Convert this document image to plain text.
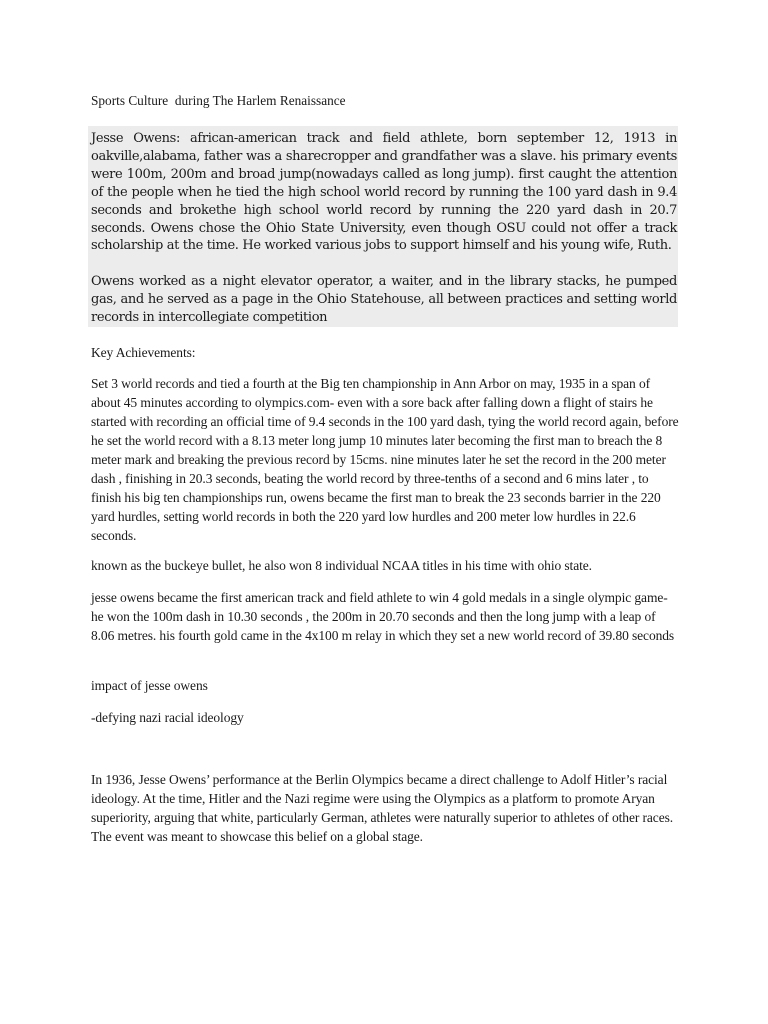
Sports Culture  during The Harlem Renaissance

Jesse Owens: african-american track and field athlete, born september 12, 1913 in oakville,alabama, father was a sharecropper and grandfather was a slave. his primary events were 100m, 200m and broad jump(nowadays called as long jump). first caught the attention of the people when he tied the high school world record by running the 100 yard dash in 9.4 seconds and brokethe high school world record by running the 220 yard dash in 20.7 seconds. Owens chose the Ohio State University, even though OSU could not offer a track scholarship at the time. He worked various jobs to support himself and his young wife, Ruth.

Owens worked as a night elevator operator, a waiter, and in the library stacks, he pumped gas, and he served as a page in the Ohio Statehouse, all between practices and setting world records in intercollegiate competition

Key Achievements:

Set 3 world records and tied a fourth at the Big ten championship in Ann Arbor on may, 1935 in a span of about 45 minutes according to olympics.com- even with a sore back after falling down a flight of stairs he started with recording an official time of 9.4 seconds in the 100 yard dash, tying the world record again, before he set the world record with a 8.13 meter long jump 10 minutes later becoming the first man to breach the 8 meter mark and breaking the previous record by 15cms. nine minutes later he set the record in the 200 meter dash , finishing in 20.3 seconds, beating the world record by three-tenths of a second and 6 mins later , to finish his big ten championships run, owens became the first man to break the 23 seconds barrier in the 220 yard hurdles, setting world records in both the 220 yard low hurdles and 200 meter low hurdles in 22.6 seconds.

known as the buckeye bullet, he also won 8 individual NCAA titles in his time with ohio state.

jesse owens became the first american track and field athlete to win 4 gold medals in a single olympic game- he won the 100m dash in 10.30 seconds , the 200m in 20.70 seconds and then the long jump with a leap of 8.06 metres. his fourth gold came in the 4x100 m relay in which they set a new world record of 39.80 seconds

impact of jesse owens

-defying nazi racial ideology

In 1936, Jesse Owens’ performance at the Berlin Olympics became a direct challenge to Adolf Hitler’s racial ideology. At the time, Hitler and the Nazi regime were using the Olympics as a platform to promote Aryan superiority, arguing that white, particularly German, athletes were naturally superior to athletes of other races. The event was meant to showcase this belief on a global stage.
